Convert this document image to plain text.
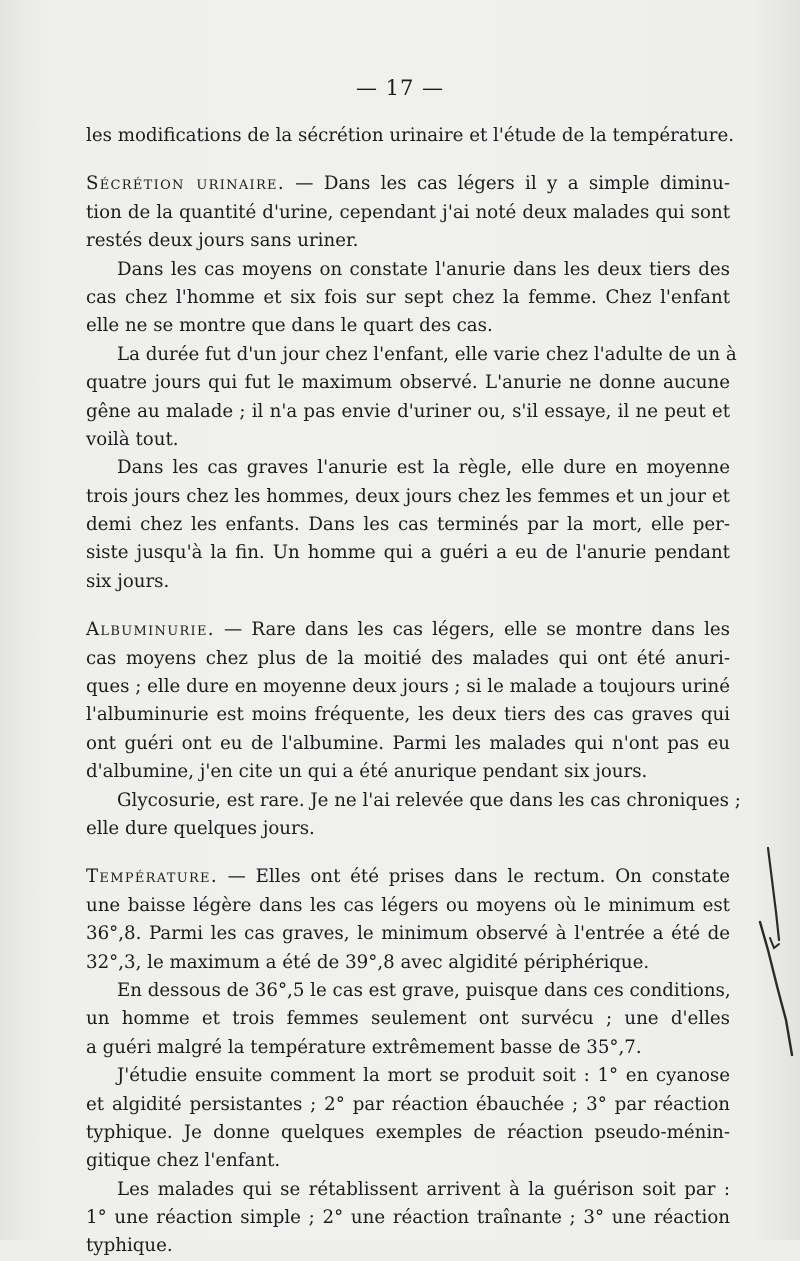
— 17 —
les modifications de la sécrétion urinaire et l'étude de la température.
Sécrétion urinaire. — Dans les cas légers il y a simple diminu-
tion de la quantité d'urine, cependant j'ai noté deux malades qui sont
restés deux jours sans uriner.
Dans les cas moyens on constate l'anurie dans les deux tiers des
cas chez l'homme et six fois sur sept chez la femme. Chez l'enfant
elle ne se montre que dans le quart des cas.
La durée fut d'un jour chez l'enfant, elle varie chez l'adulte de un à
quatre jours qui fut le maximum observé. L'anurie ne donne aucune
gêne au malade ; il n'a pas envie d'uriner ou, s'il essaye, il ne peut et
voilà tout.
Dans les cas graves l'anurie est la règle, elle dure en moyenne
trois jours chez les hommes, deux jours chez les femmes et un jour et
demi chez les enfants. Dans les cas terminés par la mort, elle per-
siste jusqu'à la fin. Un homme qui a guéri a eu de l'anurie pendant
six jours.
Albuminurie. — Rare dans les cas légers, elle se montre dans les
cas moyens chez plus de la moitié des malades qui ont été anuri-
ques ; elle dure en moyenne deux jours ; si le malade a toujours uriné
l'albuminurie est moins fréquente, les deux tiers des cas graves qui
ont guéri ont eu de l'albumine. Parmi les malades qui n'ont pas eu
d'albumine, j'en cite un qui a été anurique pendant six jours.
Glycosurie, est rare. Je ne l'ai relevée que dans les cas chroniques ;
elle dure quelques jours.
Température. — Elles ont été prises dans le rectum. On constate
une baisse légère dans les cas légers ou moyens où le minimum est
36°,8. Parmi les cas graves, le minimum observé à l'entrée a été de
32°,3, le maximum a été de 39°,8 avec algidité périphérique.
En dessous de 36°,5 le cas est grave, puisque dans ces conditions,
un homme et trois femmes seulement ont survécu ; une d'elles
a guéri malgré la température extrêmement basse de 35°,7.
J'étudie ensuite comment la mort se produit soit : 1° en cyanose
et algidité persistantes ; 2° par réaction ébauchée ; 3° par réaction
typhique. Je donne quelques exemples de réaction pseudo-ménin-
gitique chez l'enfant.
Les malades qui se rétablissent arrivent à la guérison soit par :
1° une réaction simple ; 2° une réaction traînante ; 3° une réaction
typhique.
